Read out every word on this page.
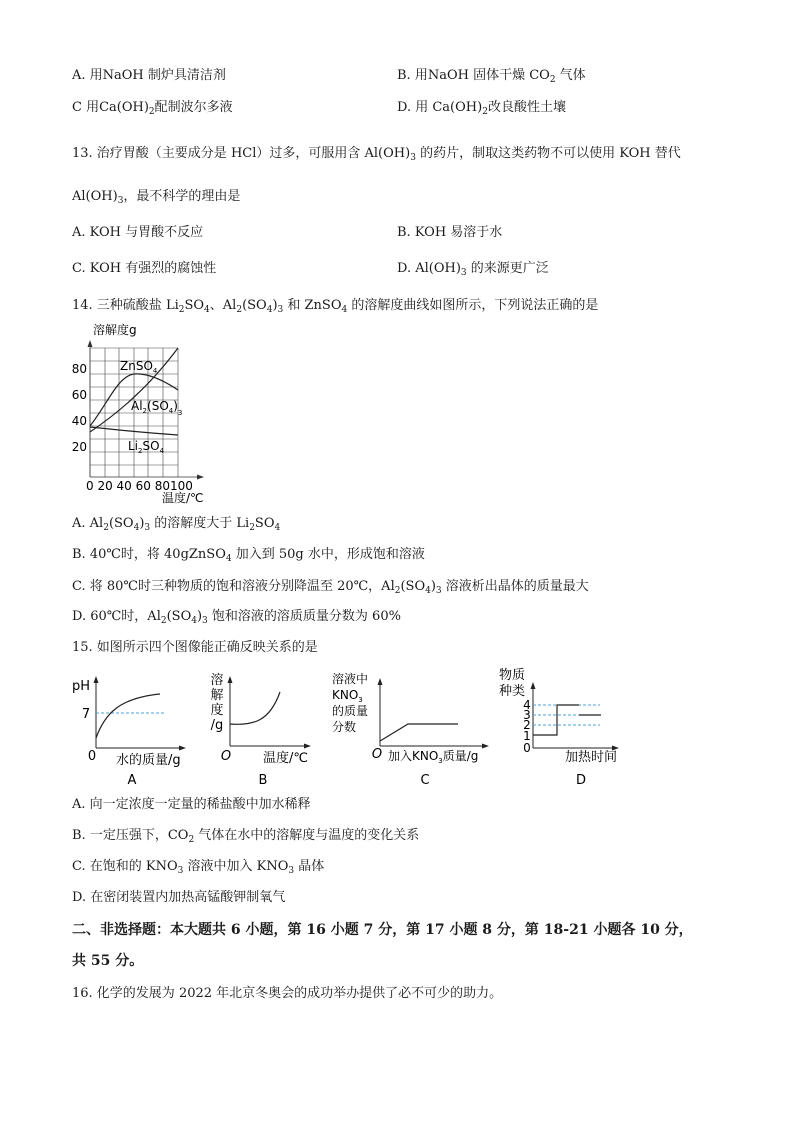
A. 用NaOH 制炉具清洁剂	B. 用NaOH 固体干燥 $CO_2$ 气体
C 用$Ca(OH)_2$配制波尔多液	D. 用 $Ca(OH)_2$改良酸性土壤
13. 治疗胃酸（主要成分是 HCl）过多，可服用含 $Al(OH)_3$ 的药片，制取这类药物不可以使用 KOH 替代
$Al(OH)_3$，最不科学的理由是
A. KOH 与胃酸不反应	B. KOH 易溶于水
C. KOH 有强烈的腐蚀性	D. $Al(OH)_3$ 的来源更广泛
14. 三种硫酸盐 $Li_2SO_4$、$Al_2(SO_4)_3$ 和 ZnSO$_4$ 的溶解度曲线如图所示，下列说法正确的是
溶解度g
80
60
40
20
0 20 40 60 80100
温度/℃
ZnSO$_4$
$Al_2(SO_4)_3$
$Li_2SO_4$
A. $Al_2(SO_4)_3$ 的溶解度大于 $Li_2SO_4$
B. 40℃时，将 40gZnSO$_4$ 加入到 50g 水中，形成饱和溶液
C. 将 80℃时三种物质的饱和溶液分别降温至 20℃，$Al_2(SO_4)_3$ 溶液析出晶体的质量最大
D. 60℃时，$Al_2(SO_4)_3$ 饱和溶液的溶质质量分数为 60%
15. 如图所示四个图像能正确反映关系的是
pH
7
0 水的质量/g
A
溶
解
度
/g
O 温度/℃
B
溶液中
$KNO_3$
的质量
分数
O 加入$KNO_3$质量/g
C
物质
种类
4
3
2
1
0
加热时间
D
A. 向一定浓度一定量的稀盐酸中加水稀释
B. 一定压强下，$CO_2$ 气体在水中的溶解度与温度的变化关系
C. 在饱和的 $KNO_3$ 溶液中加入 $KNO_3$ 晶体
D. 在密闭装置内加热高锰酸钾制氧气
二、非选择题：本大题共 6 小题，第 16 小题 7 分，第 17 小题 8 分，第 18-21 小题各 10 分，
共 55 分。
16. 化学的发展为 2022 年北京冬奥会的成功举办提供了必不可少的助力。
